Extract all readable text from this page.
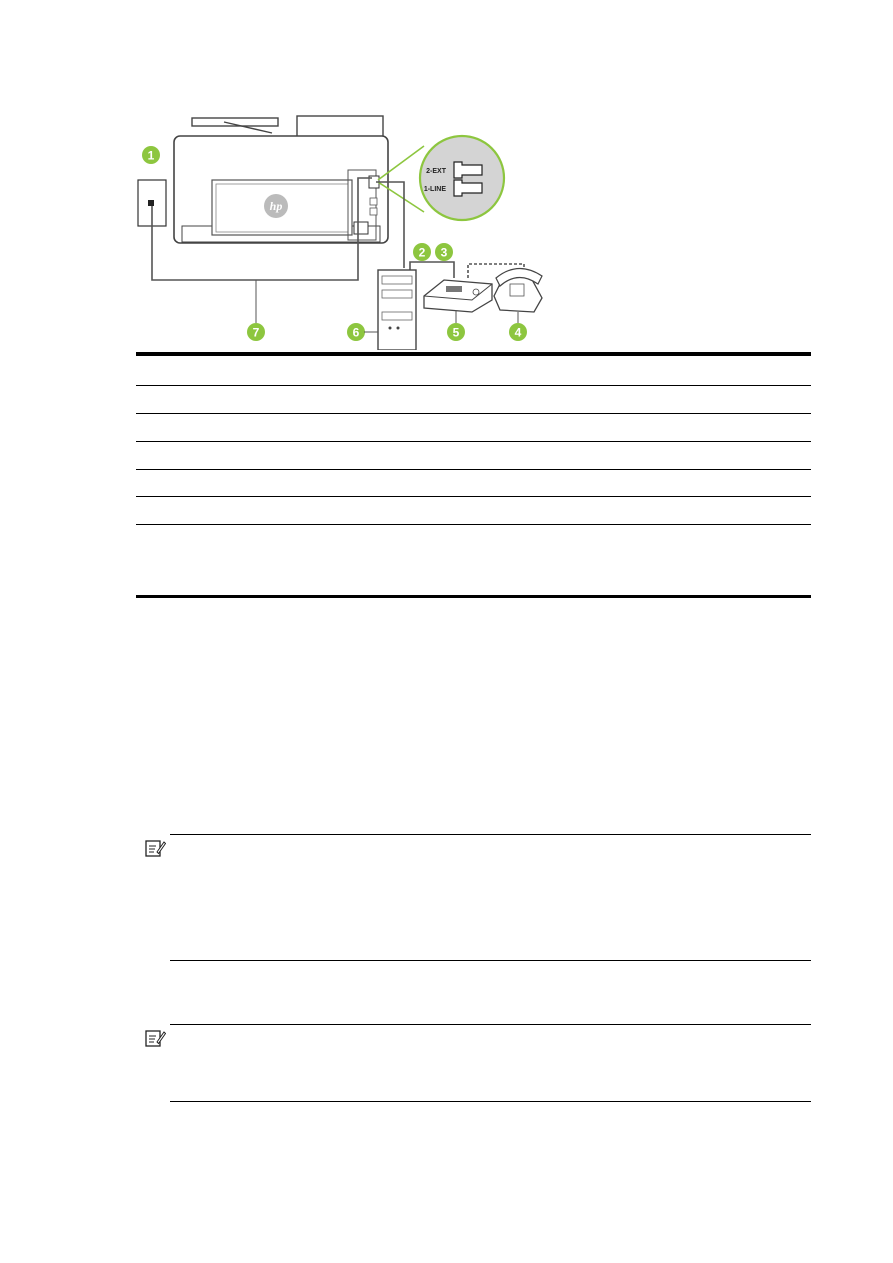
hp
2-EXT
1-LINE
1
2 3
4
5
6
7
